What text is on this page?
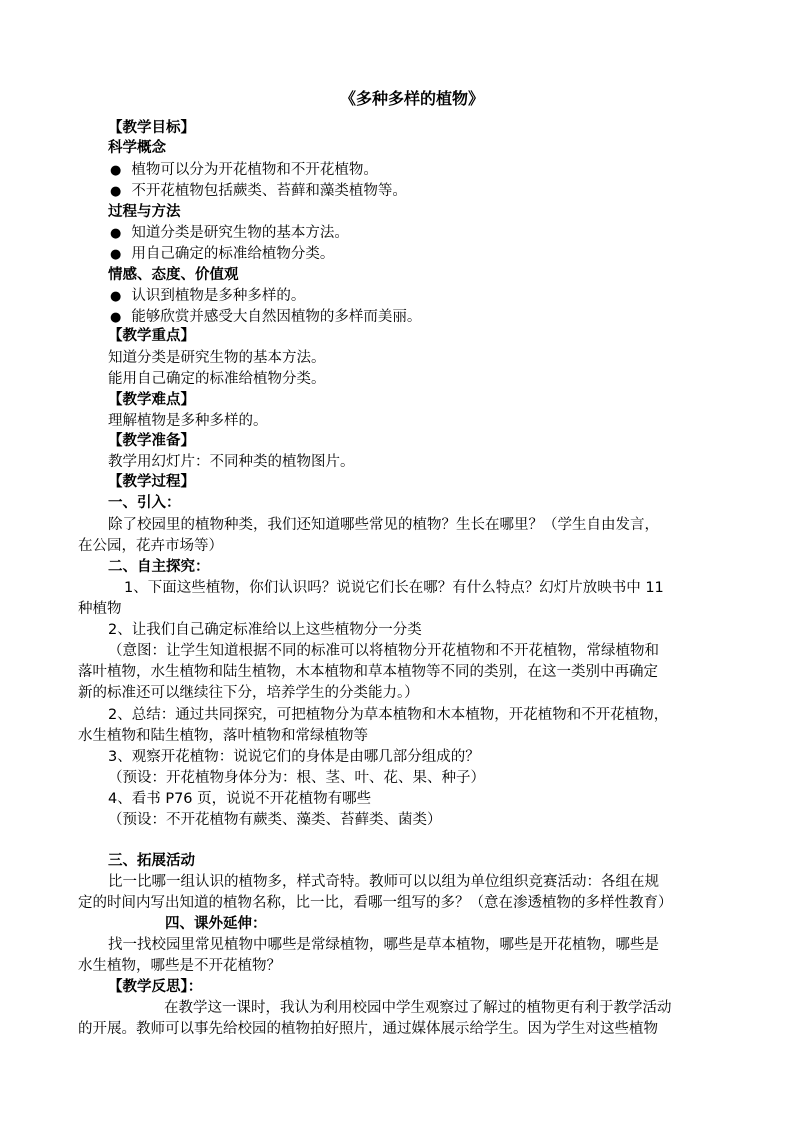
《多种多样的植物》
【教学目标】
科学概念
● 植物可以分为开花植物和不开花植物。
● 不开花植物包括蕨类、苔藓和藻类植物等。
过程与方法
● 知道分类是研究生物的基本方法。
● 用自己确定的标准给植物分类。
情感、态度、价值观
● 认识到植物是多种多样的。
● 能够欣赏并感受大自然因植物的多样而美丽。
【教学重点】
知道分类是研究生物的基本方法。
能用自己确定的标准给植物分类。
【教学难点】
理解植物是多种多样的。
【教学准备】
教学用幻灯片：不同种类的植物图片。
【教学过程】
一、引入：
除了校园里的植物种类，我们还知道哪些常见的植物？生长在哪里？（学生自由发言，
在公园，花卉市场等）
二、自主探究：
1、下面这些植物，你们认识吗？说说它们长在哪？有什么特点？幻灯片放映书中 11
种植物
2、让我们自己确定标准给以上这些植物分一分类
（意图：让学生知道根据不同的标准可以将植物分开花植物和不开花植物，常绿植物和
落叶植物，水生植物和陆生植物，木本植物和草本植物等不同的类别，在这一类别中再确定
新的标准还可以继续往下分，培养学生的分类能力。）
2、总结：通过共同探究，可把植物分为草本植物和木本植物，开花植物和不开花植物，
水生植物和陆生植物，落叶植物和常绿植物等
3、观察开花植物：说说它们的身体是由哪几部分组成的？
（预设：开花植物身体分为：根、茎、叶、花、果、种子）
4、看书 P76 页，说说不开花植物有哪些
（预设：不开花植物有蕨类、藻类、苔藓类、菌类）
三、拓展活动
比一比哪一组认识的植物多，样式奇特。教师可以以组为单位组织竞赛活动：各组在规
定的时间内写出知道的植物名称，比一比，看哪一组写的多？（意在渗透植物的多样性教育）
四、课外延伸：
找一找校园里常见植物中哪些是常绿植物，哪些是草本植物，哪些是开花植物，哪些是
水生植物，哪些是不开花植物？
【教学反思】：
在教学这一课时，我认为利用校园中学生观察过了解过的植物更有利于教学活动
的开展。教师可以事先给校园的植物拍好照片，通过媒体展示给学生。因为学生对这些植物
